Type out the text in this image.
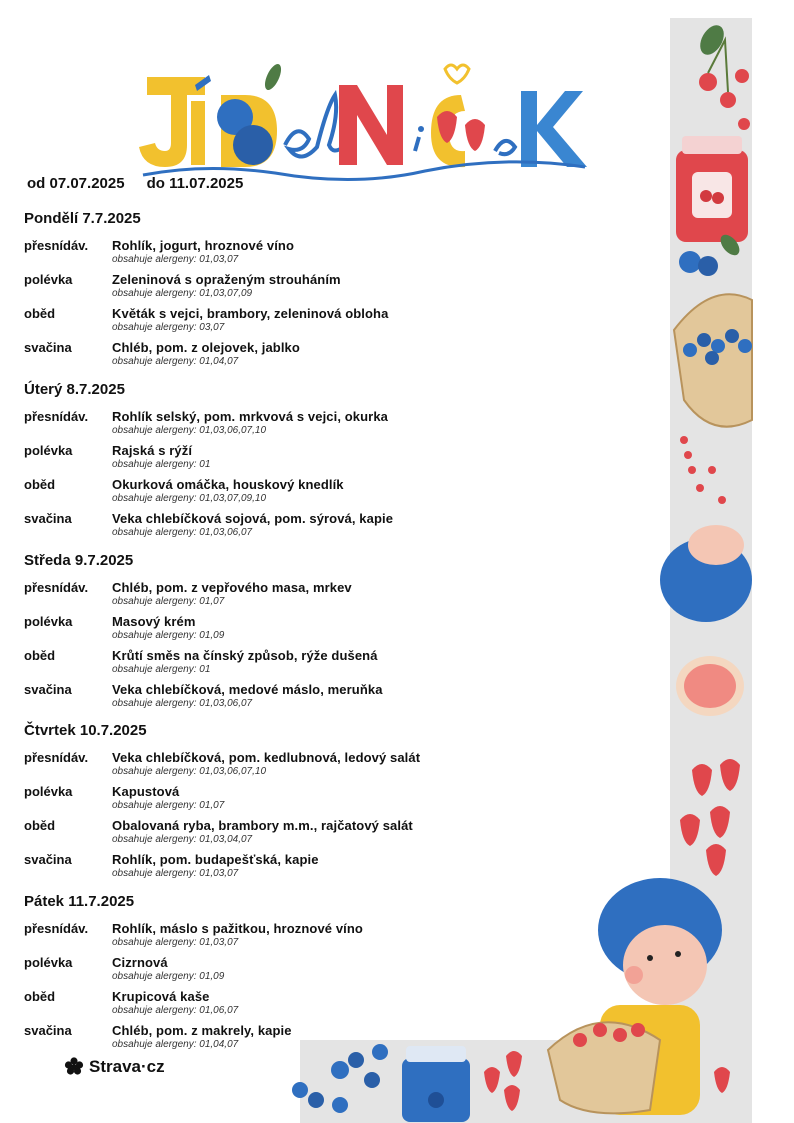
od 07.07.2025 do 11.07.2025
Pondělí 7.7.2025
přesnídáv. Rohlík, jogurt, hroznové víno
obsahuje alergeny: 01,03,07
polévka	Zeleninová s opraženým strouháním
obsahuje alergeny: 01,03,07,09
oběd	Květák s vejci, brambory, zeleninová obloha
obsahuje alergeny: 03,07
svačina	Chléb, pom. z olejovek, jablko
obsahuje alergeny: 01,04,07
Úterý 8.7.2025
přesnídáv. Rohlík selský, pom. mrkvová s vejci, okurka
obsahuje alergeny: 01,03,06,07,10
polévka	Rajská s rýží
obsahuje alergeny: 01
oběd	Okurková omáčka, houskový knedlík
obsahuje alergeny: 01,03,07,09,10
svačina	Veka chlebíčková sojová, pom. sýrová, kapie
obsahuje alergeny: 01,03,06,07
Středa 9.7.2025
přesnídáv. Chléb, pom. z vepřového masa, mrkev
obsahuje alergeny: 01,07
polévka	Masový krém
obsahuje alergeny: 01,09
oběd	Krůtí směs na čínský způsob, rýže dušená
obsahuje alergeny: 01
svačina	Veka chlebíčková, medové máslo, meruňka
obsahuje alergeny: 01,03,06,07
Čtvrtek 10.7.2025
přesnídáv. Veka chlebíčková, pom. kedlubnová, ledový salát
obsahuje alergeny: 01,03,06,07,10
polévka	Kapustová
obsahuje alergeny: 01,07
oběd	Obalovaná ryba, brambory m.m., rajčatový salát
obsahuje alergeny: 01,03,04,07
svačina	Rohlík, pom. budapešťská, kapie
obsahuje alergeny: 01,03,07
Pátek 11.7.2025
přesnídáv. Rohlík, máslo s pažitkou, hroznové víno
obsahuje alergeny: 01,03,07
polévka	Cizrnová
obsahuje alergeny: 01,09
oběd	Krupicová kaše
obsahuje alergeny: 01,06,07
svačina	Chléb, pom. z makrely, kapie
obsahuje alergeny: 01,04,07
Strava·cz
